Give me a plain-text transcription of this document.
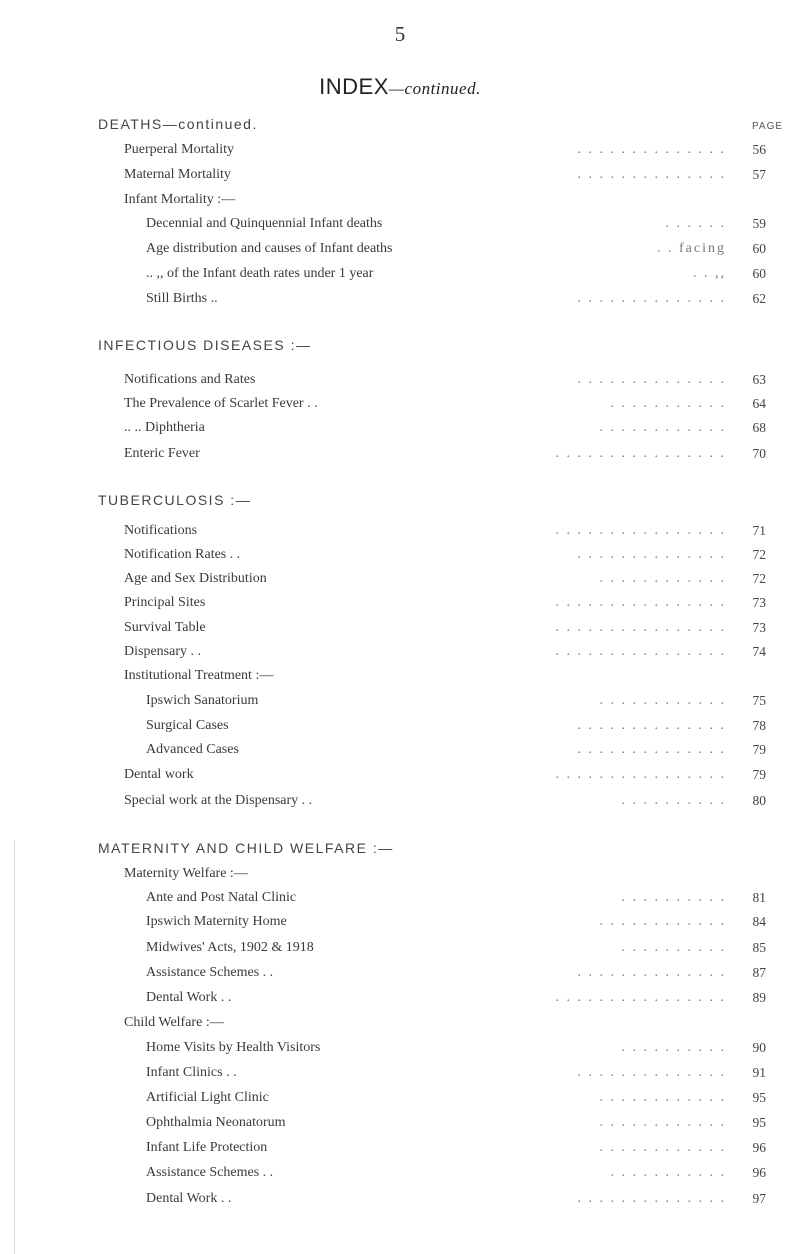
5
INDEX—continued.
PAGE
DEATHS—continued.
Puerperal Mortality	. . . . . . . . . . . . . . 56
Maternal Mortality	. . . . . . . . . . . . . . 57
Infant Mortality :—
Decennial and Quinquennial Infant deaths	. . . . . . 59
Age distribution and causes of Infant deaths	. . facing 60
.. ,, of the Infant death rates under 1 year	. . ,, 60
Still Births ..	. . . . . . . . . . . . . . 62
INFECTIOUS DISEASES :—
Notifications and Rates	. . . . . . . . . . . . . . 63
The Prevalence of Scarlet Fever . .	. . . . . . . . . . . 64
.. .. Diphtheria	. . . . . . . . . . . . 68
Enteric Fever	. . . . . . . . . . . . . . . . 70
TUBERCULOSIS :—
Notifications	. . . . . . . . . . . . . . . . 71
Notification Rates . .	. . . . . . . . . . . . . . 72
Age and Sex Distribution	. . . . . . . . . . . . 72
Principal Sites	. . . . . . . . . . . . . . . . 73
Survival Table	. . . . . . . . . . . . . . . . 73
Dispensary . .	. . . . . . . . . . . . . . . . 74
Institutional Treatment :—
Ipswich Sanatorium	. . . . . . . . . . . . 75
Surgical Cases	. . . . . . . . . . . . . . 78
Advanced Cases	. . . . . . . . . . . . . . 79
Dental work	. . . . . . . . . . . . . . . . 79
Special work at the Dispensary . .	. . . . . . . . . . 80
MATERNITY AND CHILD WELFARE :—
Maternity Welfare :—
Ante and Post Natal Clinic	. . . . . . . . . . 81
Ipswich Maternity Home	. . . . . . . . . . . . 84
Midwives' Acts, 1902 & 1918	. . . . . . . . . . 85
Assistance Schemes . .	. . . . . . . . . . . . . . 87
Dental Work . .	. . . . . . . . . . . . . . . . 89
Child Welfare :—
Home Visits by Health Visitors	. . . . . . . . . . 90
Infant Clinics . .	. . . . . . . . . . . . . . 91
Artificial Light Clinic	. . . . . . . . . . . . 95
Ophthalmia Neonatorum	. . . . . . . . . . . . 95
Infant Life Protection	. . . . . . . . . . . . 96
Assistance Schemes . .	. . . . . . . . . . . 96
Dental Work . .	. . . . . . . . . . . . . . 97
